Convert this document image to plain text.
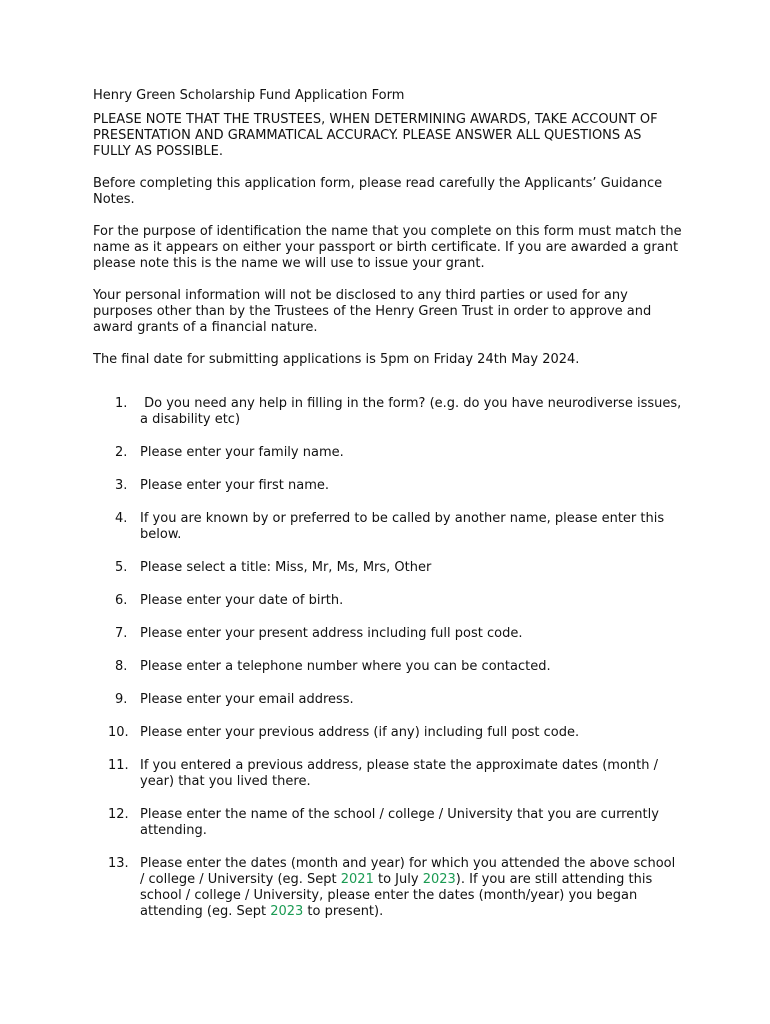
Henry Green Scholarship Fund Application Form

PLEASE NOTE THAT THE TRUSTEES, WHEN DETERMINING AWARDS, TAKE ACCOUNT OF PRESENTATION AND GRAMMATICAL ACCURACY. PLEASE ANSWER ALL QUESTIONS AS FULLY AS POSSIBLE.

Before completing this application form, please read carefully the Applicants’ Guidance Notes.

For the purpose of identification the name that you complete on this form must match the name as it appears on either your passport or birth certificate. If you are awarded a grant please note this is the name we will use to issue your grant.

Your personal information will not be disclosed to any third parties or used for any purposes other than by the Trustees of the Henry Green Trust in order to approve and award grants of a financial nature.

The final date for submitting applications is 5pm on Friday 24th May 2024.

1. Do you need any help in filling in the form? (e.g. do you have neurodiverse issues, a disability etc)
2. Please enter your family name.
3. Please enter your first name.
4. If you are known by or preferred to be called by another name, please enter this below.
5. Please select a title: Miss, Mr, Ms, Mrs, Other
6. Please enter your date of birth.
7. Please enter your present address including full post code.
8. Please enter a telephone number where you can be contacted.
9. Please enter your email address.
10. Please enter your previous address (if any) including full post code.
11. If you entered a previous address, please state the approximate dates (month / year) that you lived there.
12. Please enter the name of the school / college / University that you are currently attending.
13. Please enter the dates (month and year) for which you attended the above school / college / University (eg. Sept 2021 to July 2023). If you are still attending this school / college / University, please enter the dates (month/year) you began attending (eg. Sept 2023 to present).
